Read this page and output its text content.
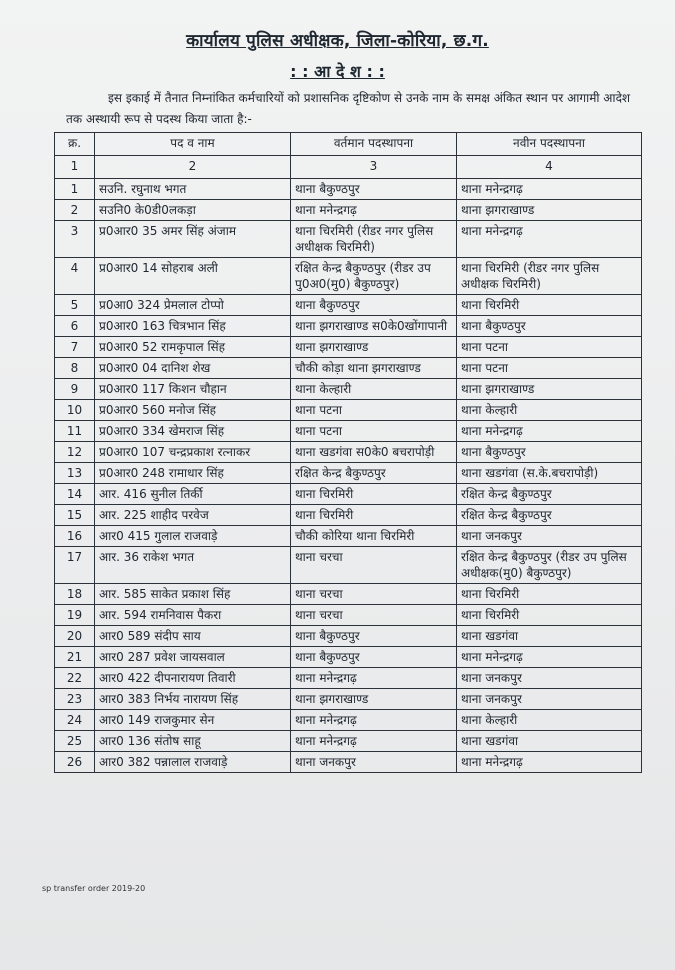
कार्यालय पुलिस अधीक्षक, जिला-कोरिया, छ.ग.
: : आ दे श : :
इस इकाई में तैनात निम्नांकित कर्मचारियों को प्रशासनिक दृष्टिकोण से उनके नाम के समक्ष अंकित स्थान पर आगामी आदेश तक अस्थायी रूप से पदस्थ किया जाता है:-
क्र.	पद व नाम	वर्तमान पदस्थापना	नवीन पदस्थापना
1	2	3	4
1	सउनि. रघुनाथ भगत	थाना बैकुण्ठपुर	थाना मनेन्द्रगढ़
2	सउनि0 के0डी0लकड़ा	थाना मनेन्द्रगढ़	थाना झगराखाण्ड
3	प्र0आर0 35 अमर सिंह अंजाम	थाना चिरमिरी (रीडर नगर पुलिस अधीक्षक चिरमिरी)	थाना मनेन्द्रगढ़
4	प्र0आर0 14 सोहराब अली	रक्षित केन्द्र बैकुण्ठपुर (रीडर उप पु0अ0(मु0) बैकुण्ठपुर)	थाना चिरमिरी (रीडर नगर पुलिस अधीक्षक चिरमिरी)
5	प्र0आ0 324 प्रेमलाल टोप्पो	थाना बैकुण्ठपुर	थाना चिरमिरी
6	प्र0आर0 163 चित्रभान सिंह	थाना झगराखाण्ड स0के0खोंगापानी	थाना बैकुण्ठपुर
7	प्र0आर0 52 रामकृपाल सिंह	थाना झगराखाण्ड	थाना पटना
8	प्र0आर0 04 दानिश शेख	चौकी कोड़ा थाना झगराखाण्ड	थाना पटना
9	प्र0आर0 117 किशन चौहान	थाना केल्हारी	थाना झगराखाण्ड
10	प्र0आर0 560 मनोज सिंह	थाना पटना	थाना केल्हारी
11	प्र0आर0 334 खेमराज सिंह	थाना पटना	थाना मनेन्द्रगढ़
12	प्र0आर0 107 चन्द्रप्रकाश रत्नाकर	थाना खडगंवा स0के0 बचरापोड़ी	थाना बैकुण्ठपुर
13	प्र0आर0 248 रामाधार सिंह	रक्षित केन्द्र बैकुण्ठपुर	थाना खडगंवा (स.के.बचरापोड़ी)
14	आर. 416 सुनील तिर्की	थाना चिरमिरी	रक्षित केन्द्र बैकुण्ठपुर
15	आर. 225 शाहीद परवेज	थाना चिरमिरी	रक्षित केन्द्र बैकुण्ठपुर
16	आर0 415 गुलाल राजवाड़े	चौकी कोरिया थाना चिरमिरी	थाना जनकपुर
17	आर. 36 राकेश भगत	थाना चरचा	रक्षित केन्द्र बैकुण्ठपुर (रीडर उप पुलिस अधीक्षक(मु0) बैकुण्ठपुर)
18	आर. 585 साकेत प्रकाश सिंह	थाना चरचा	थाना चिरमिरी
19	आर. 594 रामनिवास पैकरा	थाना चरचा	थाना चिरमिरी
20	आर0 589 संदीप साय	थाना बैकुण्ठपुर	थाना खडगंवा
21	आर0 287 प्रवेश जायसवाल	थाना बैकुण्ठपुर	थाना मनेन्द्रगढ़
22	आर0 422 दीपनारायण तिवारी	थाना मनेन्द्रगढ़	थाना जनकपुर
23	आर0 383 निर्भय नारायण सिंह	थाना झगराखाण्ड	थाना जनकपुर
24	आर0 149 राजकुमार सेन	थाना मनेन्द्रगढ़	थाना केल्हारी
25	आर0 136 संतोष साहू	थाना मनेन्द्रगढ़	थाना खडगंवा
26	आर0 382 पन्नालाल राजवाड़े	थाना जनकपुर	थाना मनेन्द्रगढ़
sp transfer order 2019-20
